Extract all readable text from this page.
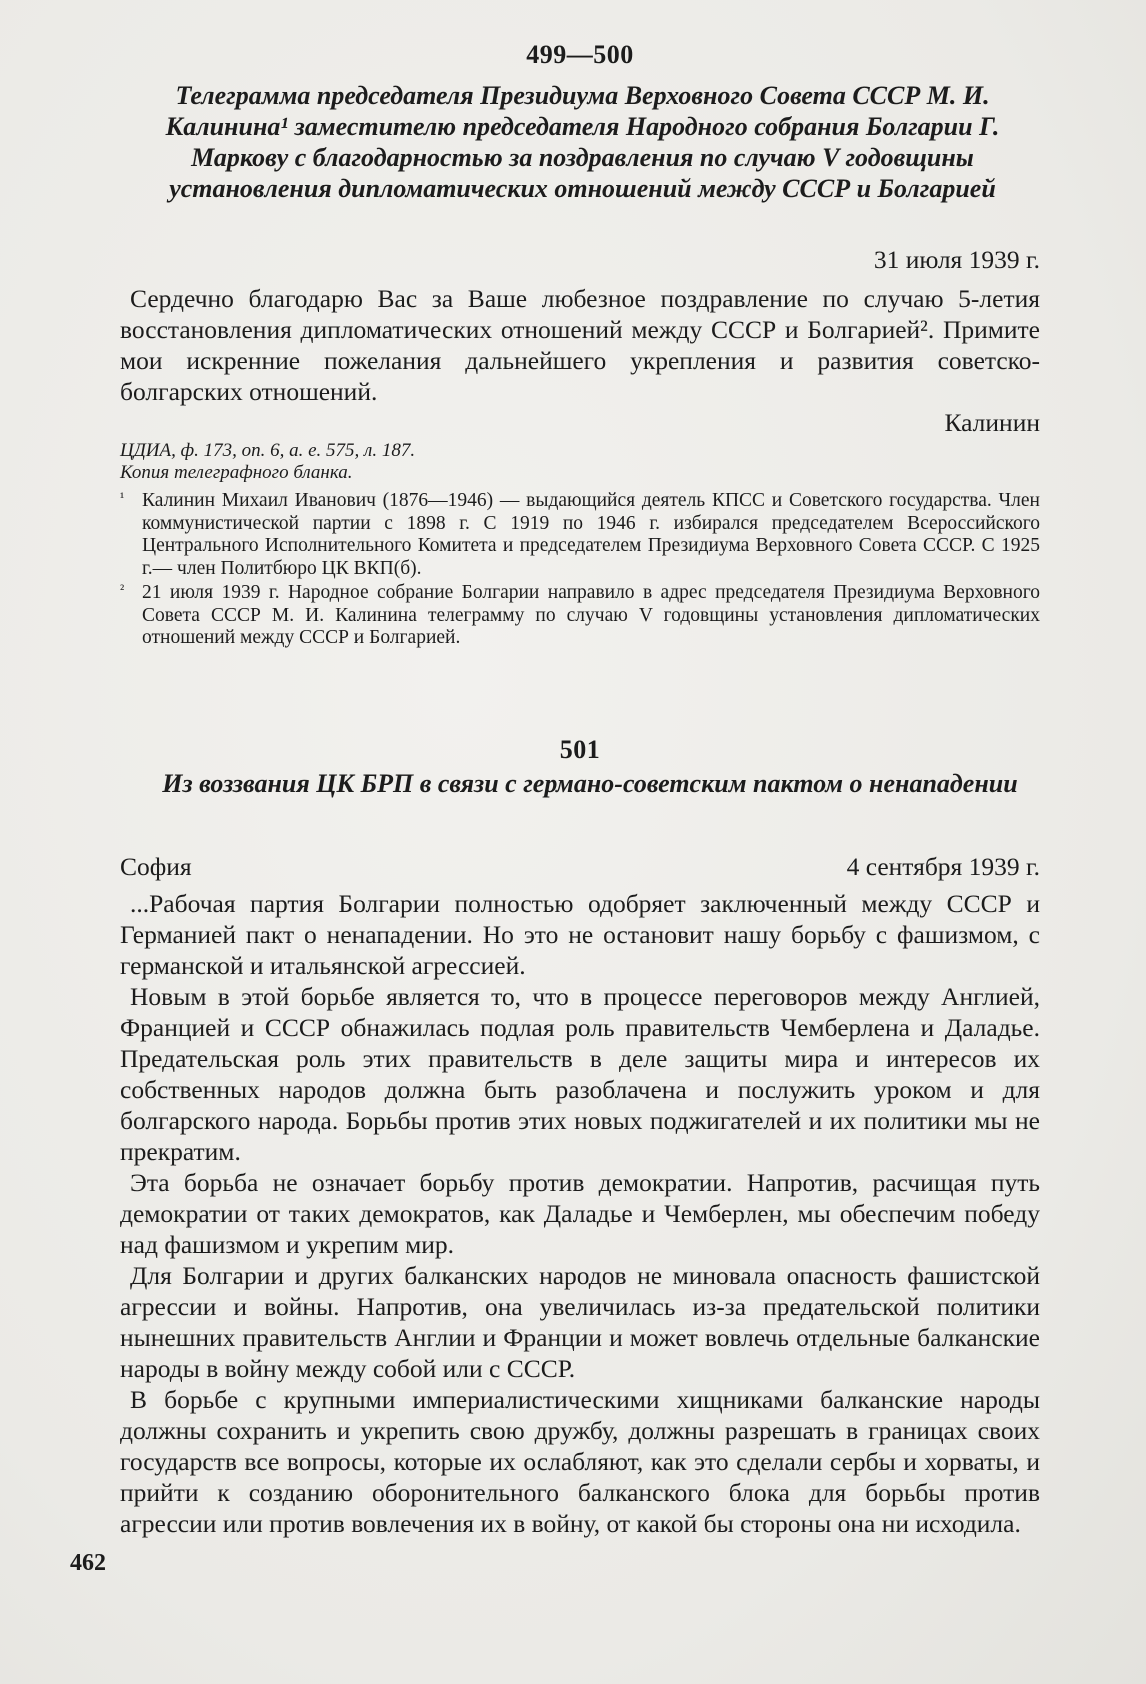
499—500
Телеграмма председателя Президиума Верховного Совета СССР М. И. Калинина¹ заместителю председателя Народного собрания Болгарии Г. Маркову с благодарностью за поздравления по случаю V годовщины установления дипломатических отношений между СССР и Болгарией
31 июля 1939 г.

Сердечно благодарю Вас за Ваше любезное поздравление по случаю 5-летия восстановления дипломатических отношений между СССР и Болгарией². Примите мои искренние пожелания дальнейшего укрепления и развития советско-болгарских отношений.

Калинин
ЦДИА, ф. 173, оп. 6, а. е. 575, л. 187.
Копия телеграфного бланка.
¹ Калинин Михаил Иванович (1876—1946) — выдающийся деятель КПСС и Советского государства. Член коммунистической партии с 1898 г. С 1919 по 1946 г. избирался председателем Всероссийского Центрального Исполнительного Комитета и председателем Президиума Верховного Совета СССР. С 1925 г.— член Политбюро ЦК ВКП(б).
² 21 июля 1939 г. Народное собрание Болгарии направило в адрес председателя Президиума Верховного Совета СССР М. И. Калинина телеграмму по случаю V годовщины установления дипломатических отношений между СССР и Болгарией.
501
Из воззвания ЦК БРП в связи с германо-советским пактом о ненападении
София	4 сентября 1939 г.

...Рабочая партия Болгарии полностью одобряет заключенный между СССР и Германией пакт о ненападении. Но это не остановит нашу борьбу с фашизмом, с германской и итальянской агрессией.

Новым в этой борьбе является то, что в процессе переговоров между Англией, Францией и СССР обнажилась подлая роль правительств Чемберлена и Даладье. Предательская роль этих правительств в деле защиты мира и интересов их собственных народов должна быть разоблачена и послужить уроком и для болгарского народа. Борьбы против этих новых поджигателей и их политики мы не прекратим.

Эта борьба не означает борьбу против демократии. Напротив, расчищая путь демократии от таких демократов, как Даладье и Чемберлен, мы обеспечим победу над фашизмом и укрепим мир.

Для Болгарии и других балканских народов не миновала опасность фашистской агрессии и войны. Напротив, она увеличилась из-за предательской политики нынешних правительств Англии и Франции и может вовлечь отдельные балканские народы в войну между собой или с СССР.

В борьбе с крупными империалистическими хищниками балканские народы должны сохранить и укрепить свою дружбу, должны разрешать в границах своих государств все вопросы, которые их ослабляют, как это сделали сербы и хорваты, и прийти к созданию оборонительного балканского блока для борьбы против агрессии или против вовлечения их в войну, от какой бы стороны она ни исходила.

462
